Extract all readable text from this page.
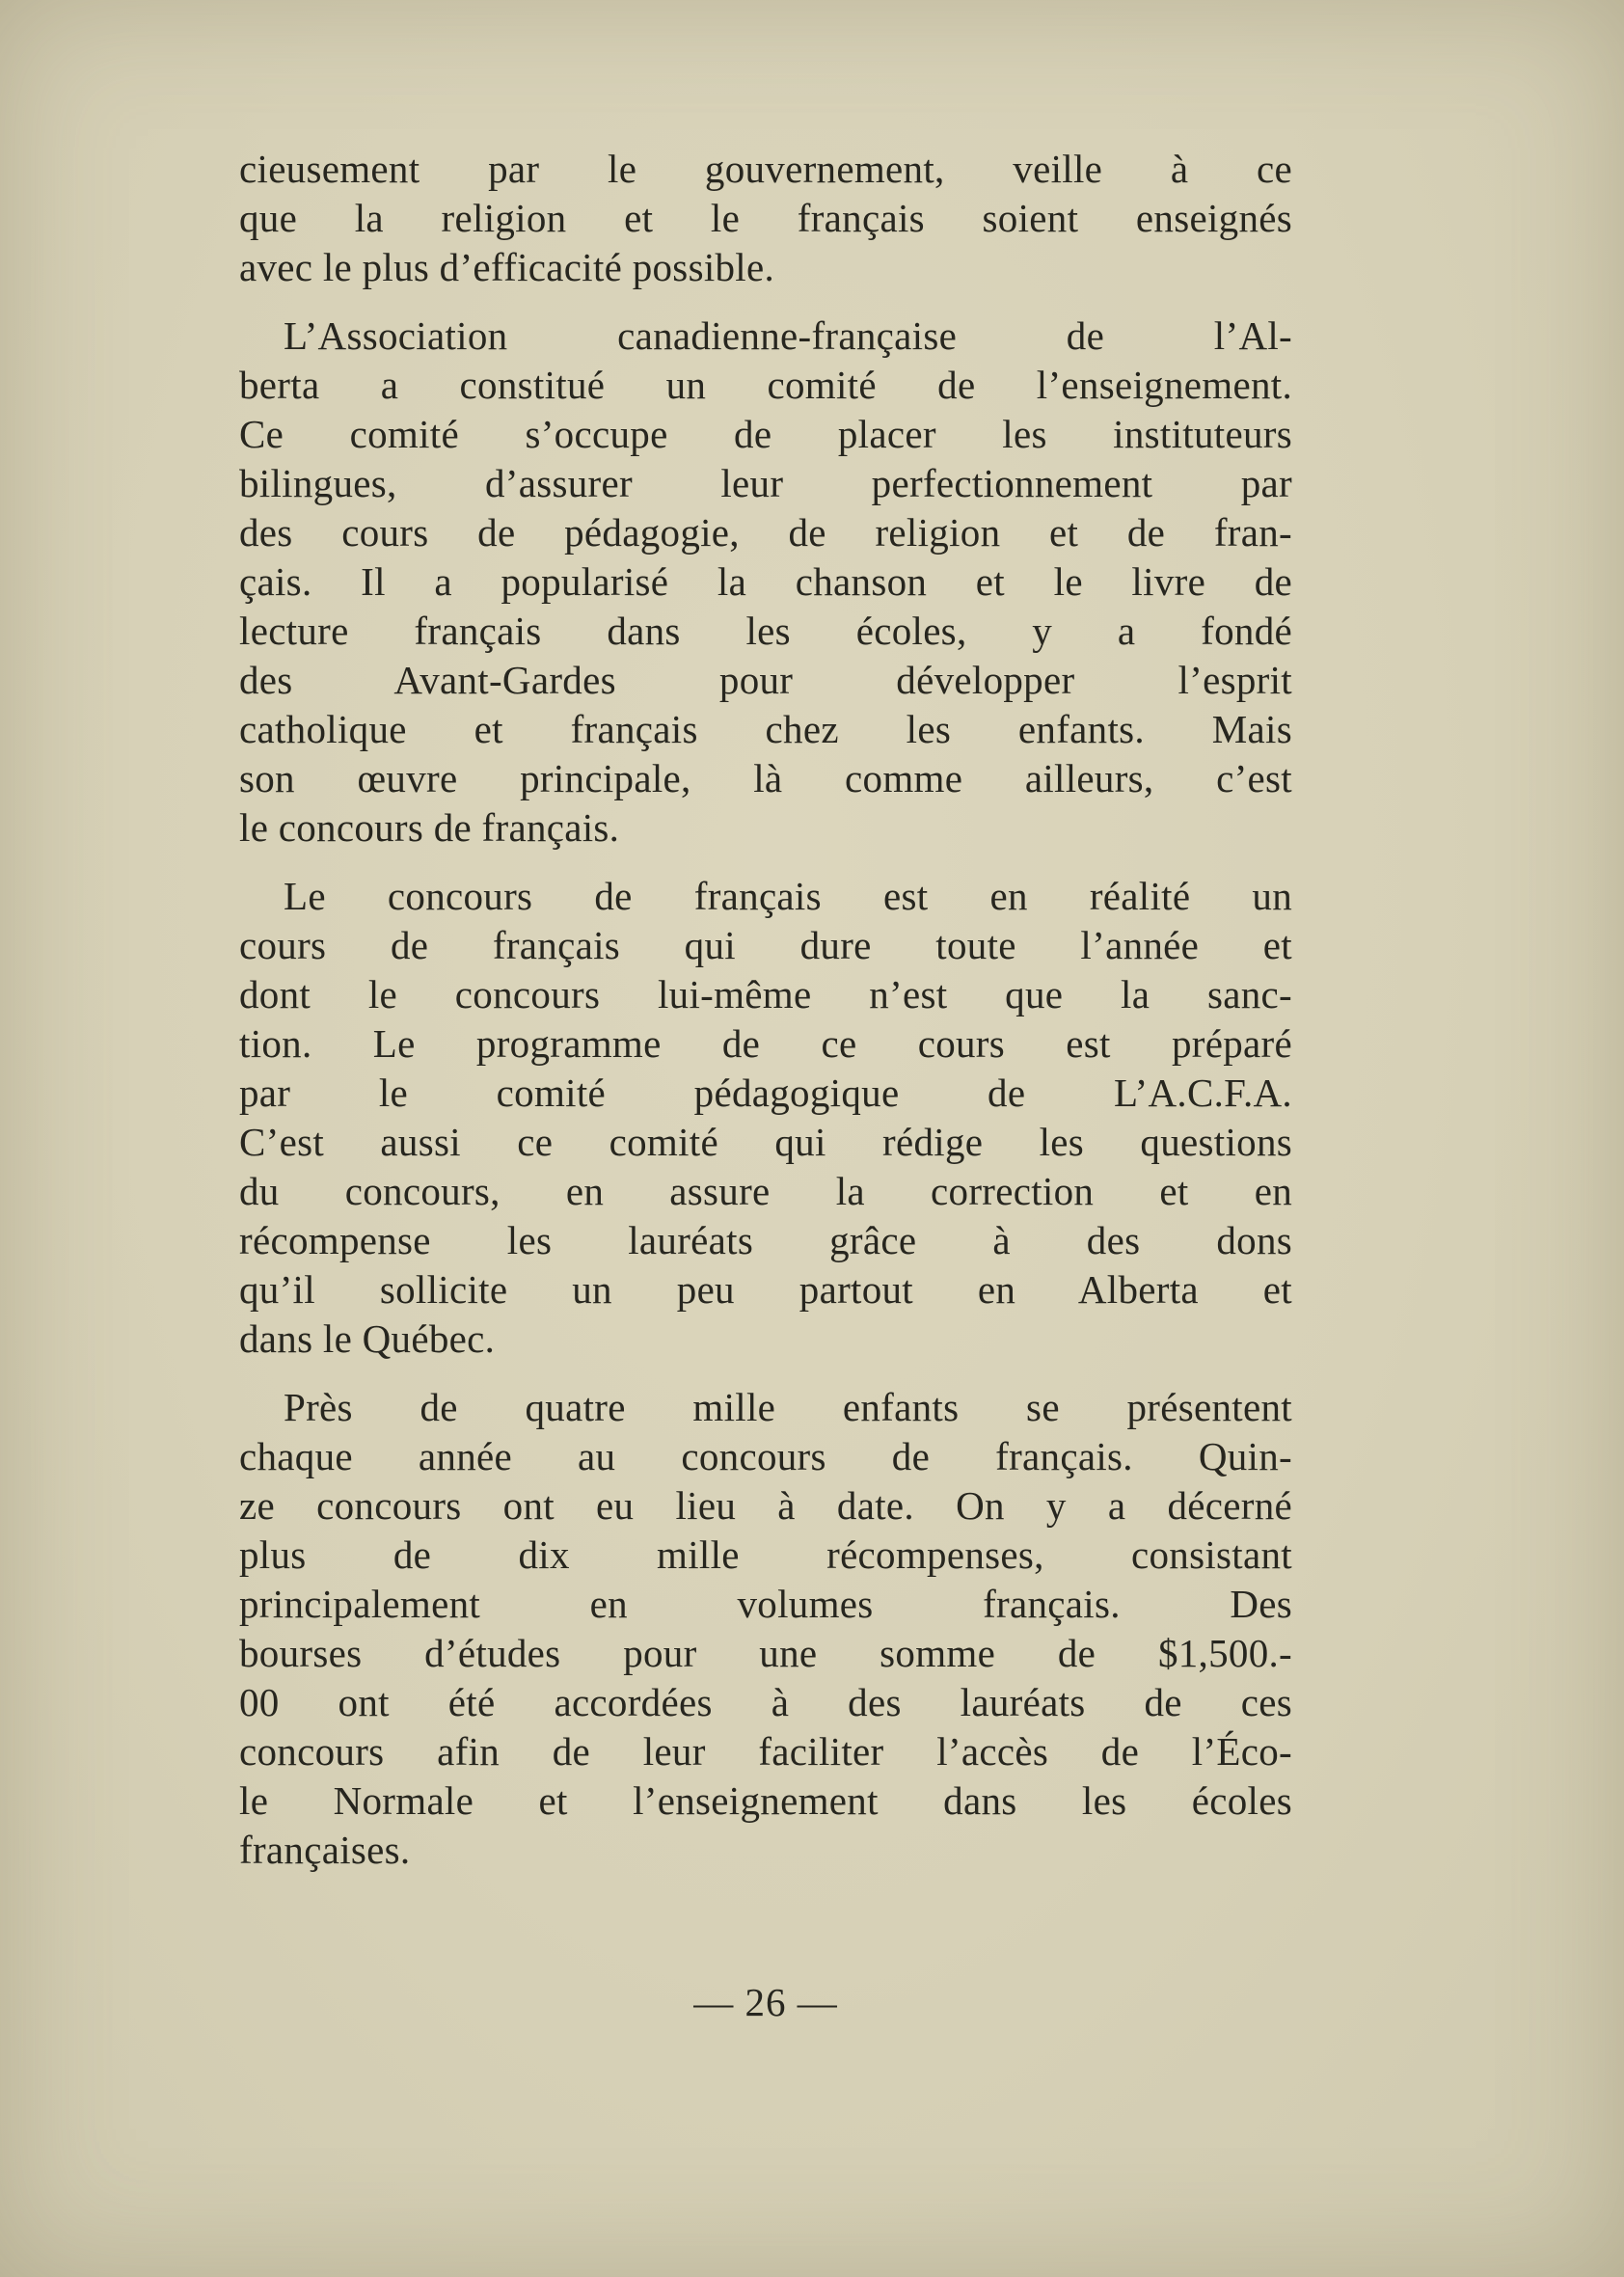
cieusement par le gouvernement, veille à ce
que la religion et le français soient enseignés
avec le plus d’efficacité possible.
L’Association canadienne-française de l’Al-
berta a constitué un comité de l’enseignement.
Ce comité s’occupe de placer les instituteurs
bilingues, d’assurer leur perfectionnement par
des cours de pédagogie, de religion et de fran-
çais. Il a popularisé la chanson et le livre de
lecture français dans les écoles, y a fondé
des Avant-Gardes pour développer l’esprit
catholique et français chez les enfants. Mais
son œuvre principale, là comme ailleurs, c’est
le concours de français.
Le concours de français est en réalité un
cours de français qui dure toute l’année et
dont le concours lui-même n’est que la sanc-
tion. Le programme de ce cours est préparé
par le comité pédagogique de L’A.C.F.A.
C’est aussi ce comité qui rédige les questions
du concours, en assure la correction et en
récompense les lauréats grâce à des dons
qu’il sollicite un peu partout en Alberta et
dans le Québec.
Près de quatre mille enfants se présentent
chaque année au concours de français. Quin-
ze concours ont eu lieu à date. On y a décerné
plus de dix mille récompenses, consistant
principalement en volumes français. Des
bourses d’études pour une somme de $1,500.-
00 ont été accordées à des lauréats de ces
concours afin de leur faciliter l’accès de l’Éco-
le Normale et l’enseignement dans les écoles
françaises.
— 26 —
